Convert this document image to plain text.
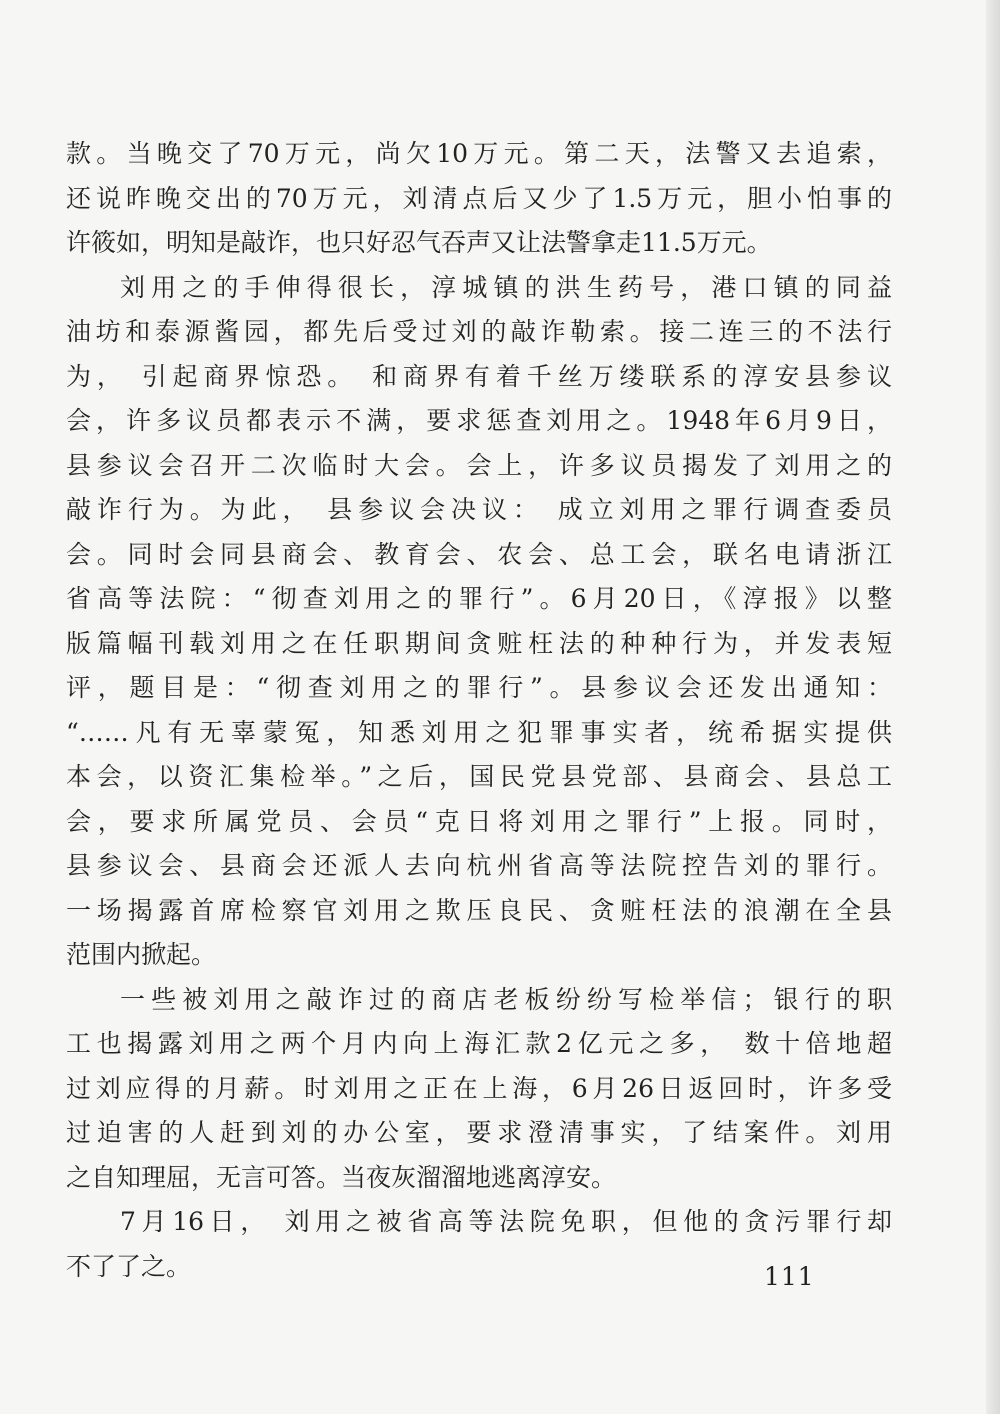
款。当晚交了70万元，尚欠10万元。第二天，法警又去追索，
还说昨晚交出的70万元，刘清点后又少了1.5万元，胆小怕事的
许筱如，明知是敲诈，也只好忍气吞声又让法警拿走11.5万元。
刘用之的手伸得很长，淳城镇的洪生药号，港口镇的同益
油坊和泰源酱园，都先后受过刘的敲诈勒索。接二连三的不法行
为， 引起商界惊恐。 和商界有着千丝万缕联系的淳安县参议
会，许多议员都表示不满，要求惩查刘用之。1948年6月9日，
县参议会召开二次临时大会。会上，许多议员揭发了刘用之的
敲诈行为。为此， 县参议会决议： 成立刘用之罪行调查委员
会。同时会同县商会、教育会、农会、总工会，联名电请浙江
省高等法院：“彻查刘用之的罪行”。6月20日，《淳报》以整
版篇幅刊载刘用之在任职期间贪赃枉法的种种行为，并发表短
评，题目是：“彻查刘用之的罪行”。县参议会还发出通知：
“……凡有无辜蒙冤，知悉刘用之犯罪事实者，统希据实提供
本会，以资汇集检举。”之后，国民党县党部、县商会、县总工
会，要求所属党员、会员“克日将刘用之罪行”上报。同时，
县参议会、县商会还派人去向杭州省高等法院控告刘的罪行。
一场揭露首席检察官刘用之欺压良民、贪赃枉法的浪潮在全县
范围内掀起。
一些被刘用之敲诈过的商店老板纷纷写检举信；银行的职
工也揭露刘用之两个月内向上海汇款2亿元之多， 数十倍地超
过刘应得的月薪。时刘用之正在上海，6月26日返回时，许多受
过迫害的人赶到刘的办公室，要求澄清事实，了结案件。刘用
之自知理屈，无言可答。当夜灰溜溜地逃离淳安。
7月16日， 刘用之被省高等法院免职，但他的贪污罪行却
不了了之。	111
